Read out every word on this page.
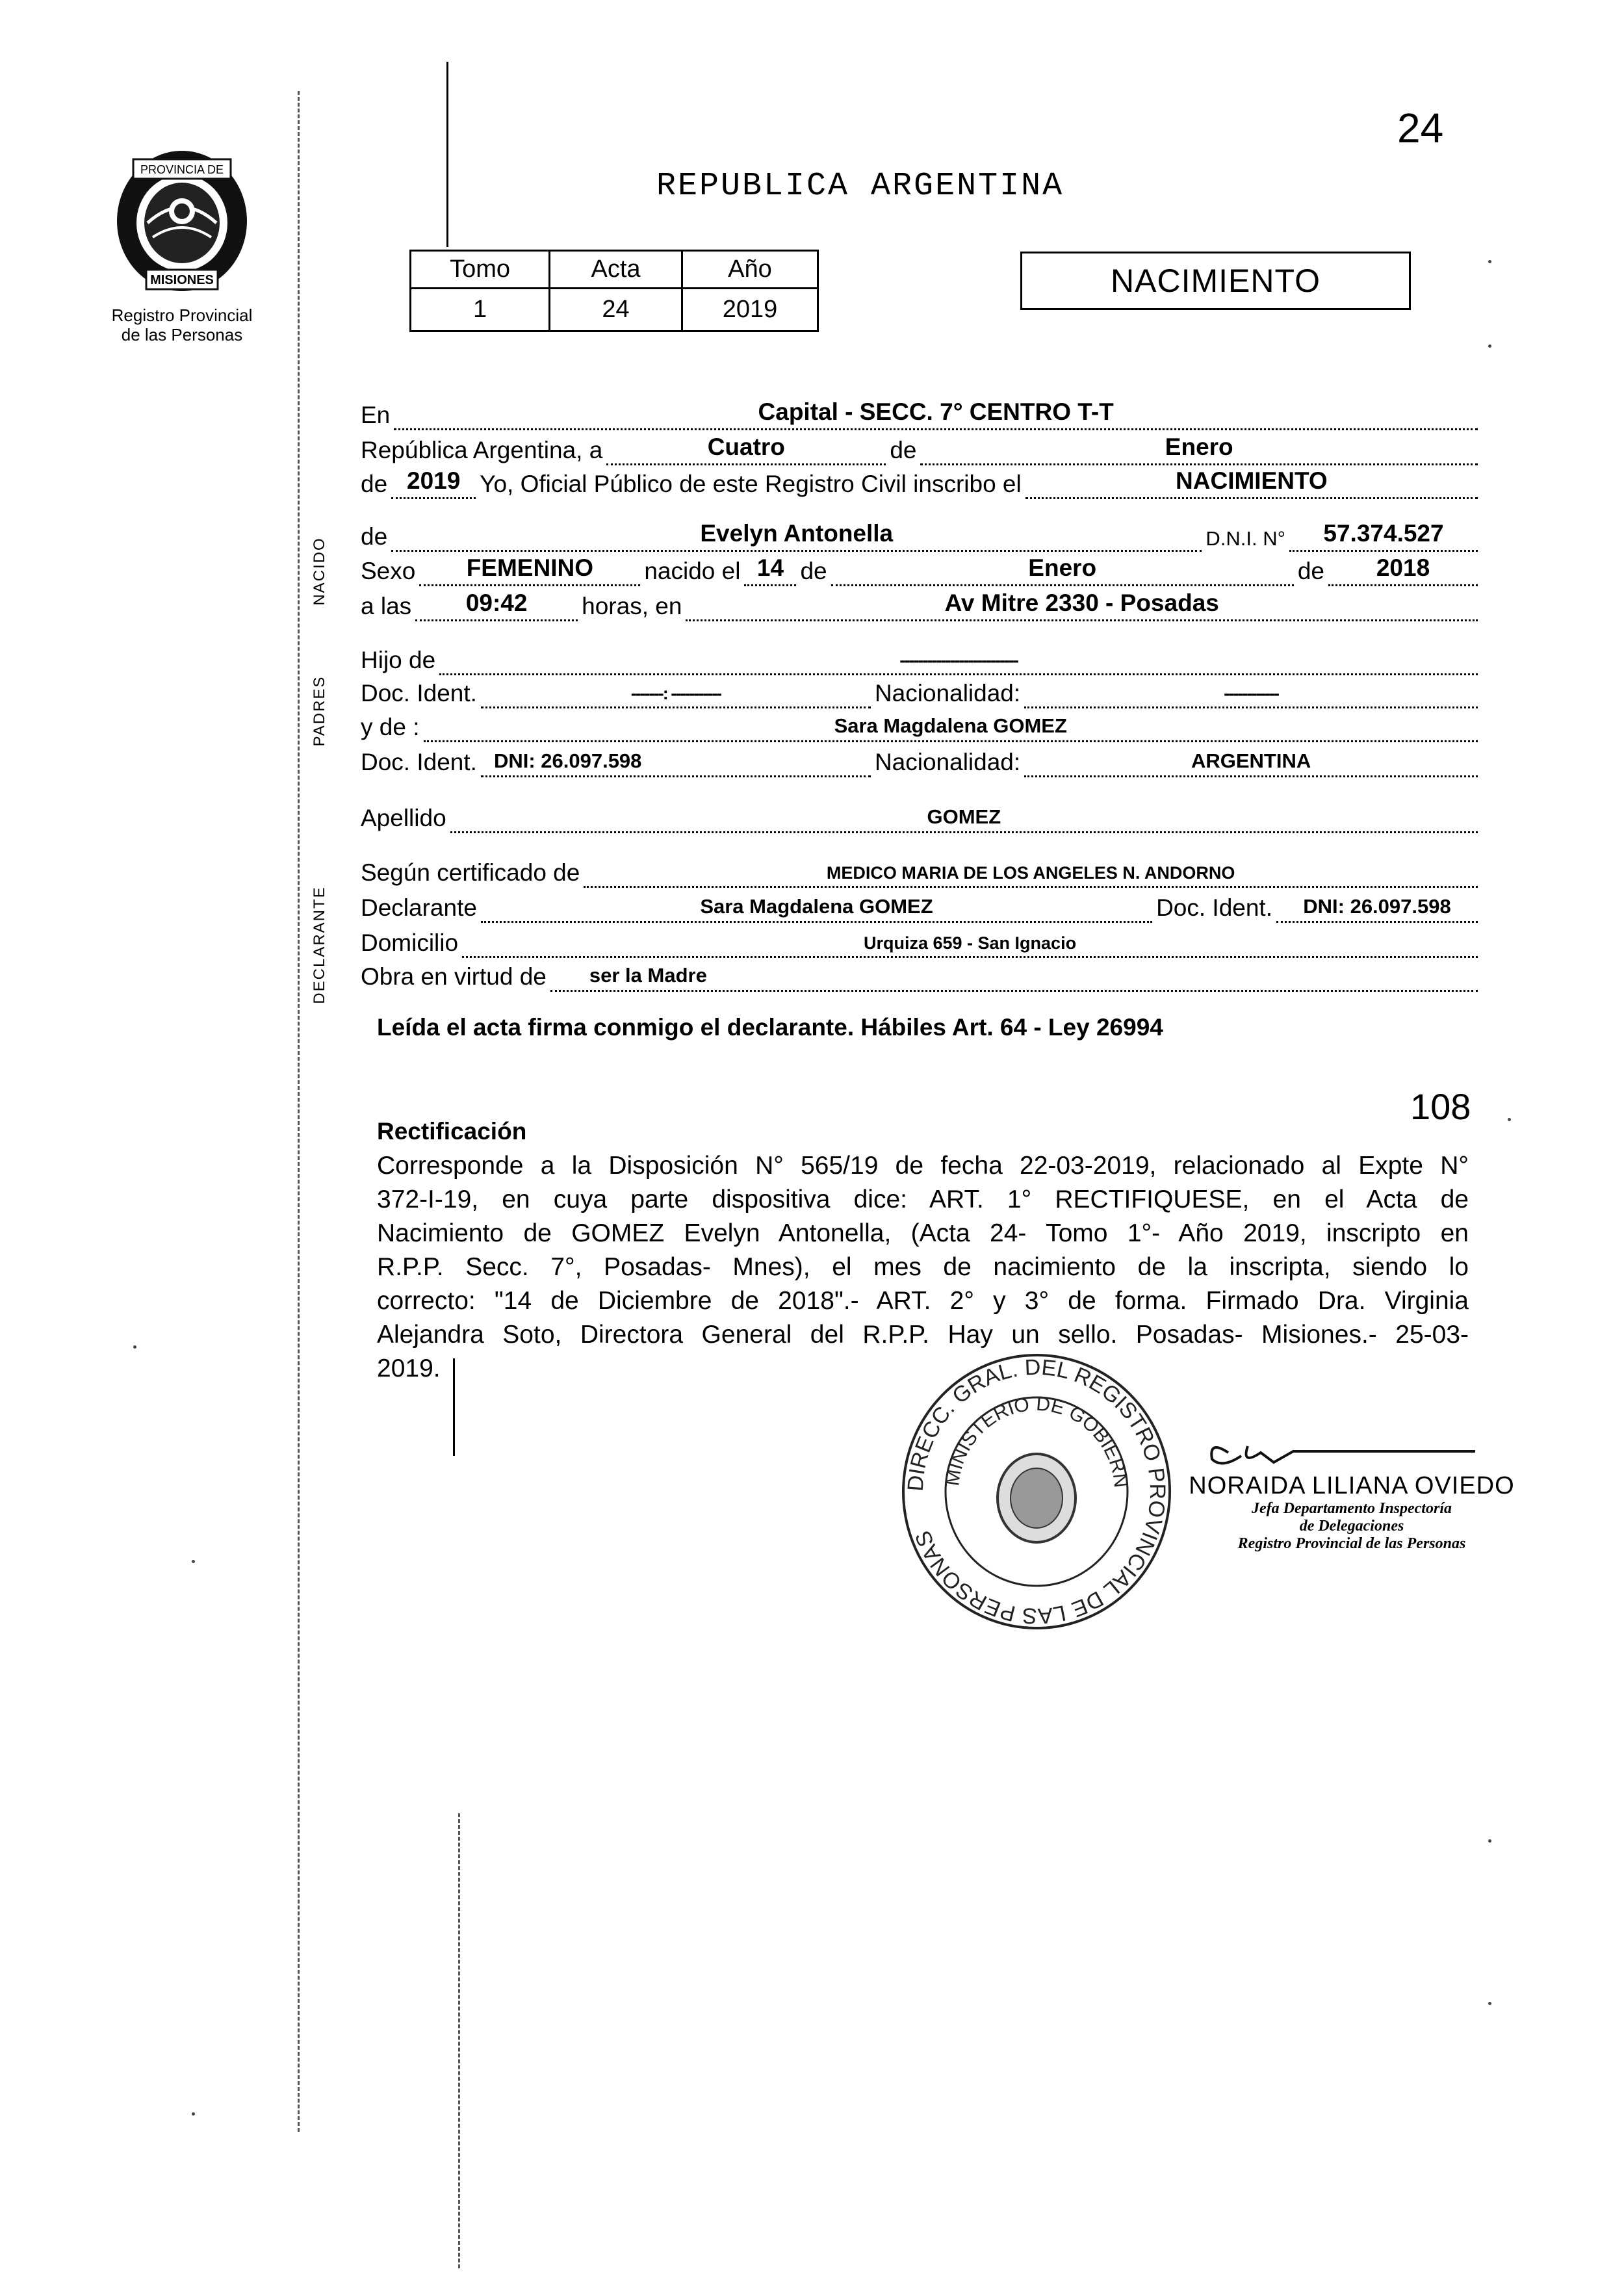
PROVINCIA DE
MISIONES
Registro Provincial
de las Personas
24
REPUBLICA ARGENTINA
Tomo	Acta	Año
1	24	2019
NACIMIENTO
NACIDO
PADRES
DECLARANTE
En	Capital - SECC. 7° CENTRO T-T
República Argentina, a	Cuatro	de	Enero
de 2019 Yo, Oficial Público de este Registro Civil inscribo el	NACIMIENTO
de	Evelyn Antonella	D.N.I. N°	57.374.527
Sexo	FEMENINO	nacido el 14 de	Enero	de	2018
a las	09:42	horas, en	Av Mitre 2330 - Posadas
Hijo de	--------------------------
Doc. Ident.	-------: -----------	Nacionalidad:	------------
y de :	Sara Magdalena GOMEZ
Doc. Ident. DNI: 26.097.598	Nacionalidad:	ARGENTINA
Apellido	GOMEZ
Según certificado de	MEDICO MARIA DE LOS ANGELES N. ANDORNO
Declarante	Sara Magdalena GOMEZ	Doc. Ident.	DNI: 26.097.598
Domicilio	Urquiza 659 - San Ignacio
Obra en virtud de	ser la Madre
Leída el acta firma conmigo el declarante. Hábiles Art. 64 - Ley 26994
108
Rectificación
Corresponde a la Disposición N° 565/19 de fecha 22-03-2019, relacionado al Expte N°
372-I-19, en cuya parte dispositiva dice: ART. 1° RECTIFIQUESE, en el Acta de
Nacimiento de GOMEZ Evelyn Antonella, (Acta 24- Tomo 1°- Año 2019, inscripto en
R.P.P. Secc. 7°, Posadas- Mnes), el mes de nacimiento de la inscripta, siendo lo
correcto: "14 de Diciembre de 2018".- ART. 2° y 3° de forma. Firmado Dra. Virginia
Alejandra Soto, Directora General del R.P.P. Hay un sello. Posadas- Misiones.- 25-03-
2019.
DIRECC. GRAL. DEL REGISTRO PROVINCIAL DE LAS PERSONAS
MINISTERIO DE GOBIERN NORAIDA LILIANA OVIEDO
Jefa Departamento Inspectoría
de Delegaciones
Registro Provincial de las Personas
